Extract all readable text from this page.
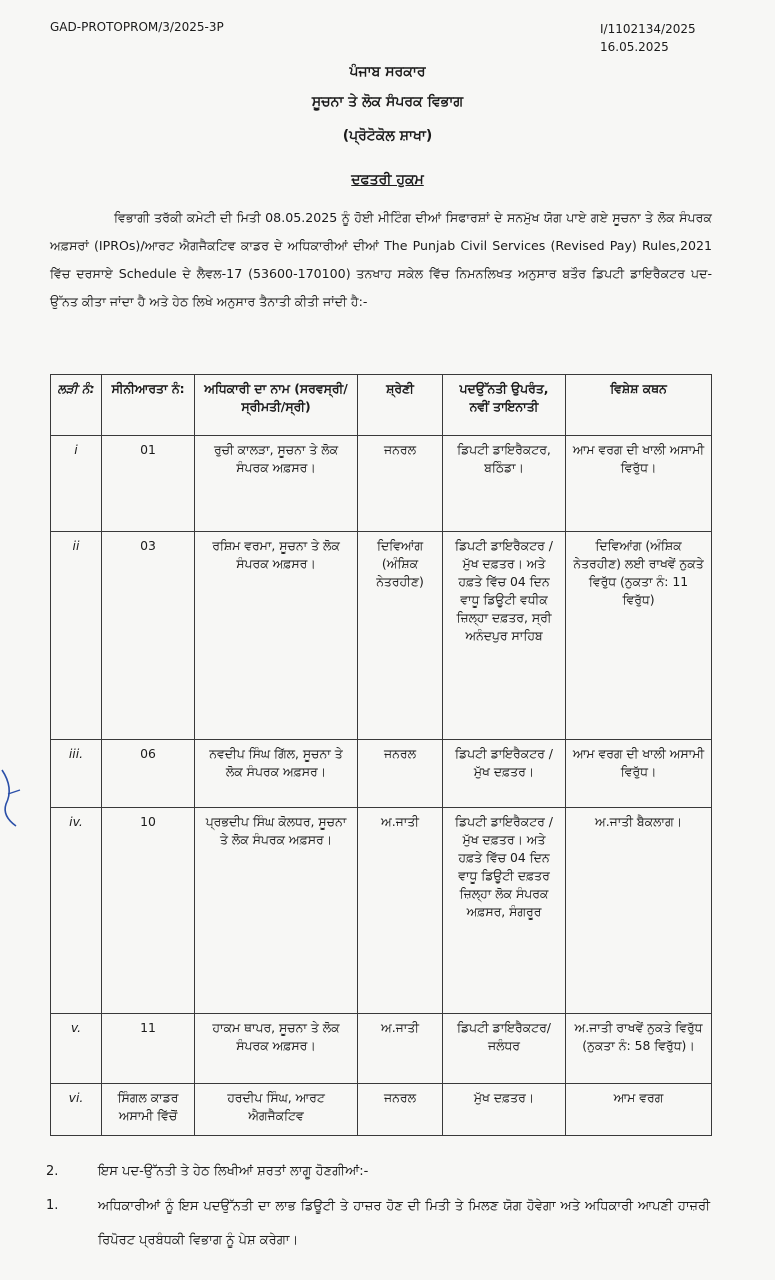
GAD-PROTOPROM/3/2025-3P	I/1102134/2025
16.05.2025
ਪੰਜਾਬ ਸਰਕਾਰ
ਸੂਚਨਾ ਤੇ ਲੋਕ ਸੰਪਰਕ ਵਿਭਾਗ
(ਪ੍ਰੋਟੋਕੋਲ ਸ਼ਾਖਾ)
ਦਫਤਰੀ ਹੁਕਮ
ਵਿਭਾਗੀ ਤਰੱਕੀ ਕਮੇਟੀ ਦੀ ਮਿਤੀ 08.05.2025 ਨੂੰ ਹੋਈ ਮੀਟਿੰਗ ਦੀਆਂ ਸਿਫਾਰਸ਼ਾਂ ਦੇ ਸਨਮੁੱਖ ਯੋਗ ਪਾਏ ਗਏ ਸੂਚਨਾ ਤੇ ਲੋਕ ਸੰਪਰਕ ਅਫ਼ਸਰਾਂ (IPROs)/ਆਰਟ ਐਗਜੈਕਟਿਵ ਕਾਡਰ ਦੇ ਅਧਿਕਾਰੀਆਂ ਦੀਆਂ The Punjab Civil Services (Revised Pay) Rules,2021 ਵਿੱਚ ਦਰਸਾਏ Schedule ਦੇ ਲੈਵਲ-17 (53600-170100) ਤਨਖਾਹ ਸਕੇਲ ਵਿੱਚ ਨਿਮਨਲਿਖਤ ਅਨੁਸਾਰ ਬਤੌਰ ਡਿਪਟੀ ਡਾਇਰੈਕਟਰ ਪਦ-ਉੱਨਤ ਕੀਤਾ ਜਾਂਦਾ ਹੈ ਅਤੇ ਹੇਠ ਲਿਖੇ ਅਨੁਸਾਰ ਤੈਨਾਤੀ ਕੀਤੀ ਜਾਂਦੀ ਹੈ:-
ਲੜੀ ਨੰ:	ਸੀਨੀਆਰਤਾ ਨੰ:	ਅਧਿਕਾਰੀ ਦਾ ਨਾਮ (ਸਰਵਸ੍ਰੀ/ਸ੍ਰੀਮਤੀ/ਸ੍ਰੀ)	ਸ਼੍ਰੇਣੀ	ਪਦਉੱਨਤੀ ਉਪਰੰਤ, ਨਵੀਂ ਤਾਇਨਾਤੀ	ਵਿਸ਼ੇਸ਼ ਕਥਨ
i	01	ਰੁਚੀ ਕਾਲੜਾ, ਸੂਚਨਾ ਤੇ ਲੋਕ ਸੰਪਰਕ ਅਫ਼ਸਰ।	ਜਨਰਲ	ਡਿਪਟੀ ਡਾਇਰੈਕਟਰ, ਬਠਿੰਡਾ।	ਆਮ ਵਰਗ ਦੀ ਖਾਲੀ ਅਸਾਮੀ ਵਿਰੁੱਧ।
ii	03	ਰਸ਼ਿਮ ਵਰਮਾ, ਸੂਚਨਾ ਤੇ ਲੋਕ ਸੰਪਰਕ ਅਫ਼ਸਰ।	ਦਿਵਿਆਂਗ (ਅੰਸ਼ਿਕ ਨੇਤਰਹੀਣ)	ਡਿਪਟੀ ਡਾਇਰੈਕਟਰ / ਮੁੱਖ ਦਫ਼ਤਰ। ਅਤੇ ਹਫ਼ਤੇ ਵਿੱਚ 04 ਦਿਨ ਵਾਧੂ ਡਿਊਟੀ ਵਧੀਕ ਜ਼ਿਲ੍ਹਾ ਦਫ਼ਤਰ, ਸ੍ਰੀ ਅਨੰਦਪੁਰ ਸਾਹਿਬ	ਦਿਵਿਆਂਗ (ਅੰਸ਼ਿਕ ਨੇਤਰਹੀਣ) ਲਈ ਰਾਖਵੇਂ ਨੁਕਤੇ ਵਿਰੁੱਧ (ਨੁਕਤਾ ਨੰ: 11 ਵਿਰੁੱਧ)
iii.	06	ਨਵਦੀਪ ਸਿੰਘ ਗਿੱਲ, ਸੂਚਨਾ ਤੇ ਲੋਕ ਸੰਪਰਕ ਅਫ਼ਸਰ।	ਜਨਰਲ	ਡਿਪਟੀ ਡਾਇਰੈਕਟਰ / ਮੁੱਖ ਦਫ਼ਤਰ।	ਆਮ ਵਰਗ ਦੀ ਖਾਲੀ ਅਸਾਮੀ ਵਿਰੁੱਧ।
iv.	10	ਪ੍ਰਭਦੀਪ ਸਿੰਘ ਕੋਲਧਰ, ਸੂਚਨਾ ਤੇ ਲੋਕ ਸੰਪਰਕ ਅਫ਼ਸਰ।	ਅ.ਜਾਤੀ	ਡਿਪਟੀ ਡਾਇਰੈਕਟਰ / ਮੁੱਖ ਦਫ਼ਤਰ। ਅਤੇ ਹਫ਼ਤੇ ਵਿੱਚ 04 ਦਿਨ ਵਾਧੂ ਡਿਊਟੀ ਦਫ਼ਤਰ ਜ਼ਿਲ੍ਹਾ ਲੋਕ ਸੰਪਰਕ ਅਫ਼ਸਰ, ਸੰਗਰੂਰ	ਅ.ਜਾਤੀ ਬੈਕਲਾਗ।
v.	11	ਹਾਕਮ ਥਾਪਰ, ਸੂਚਨਾ ਤੇ ਲੋਕ ਸੰਪਰਕ ਅਫ਼ਸਰ।	ਅ.ਜਾਤੀ	ਡਿਪਟੀ ਡਾਇਰੈਕਟਰ/ ਜਲੰਧਰ	ਅ.ਜਾਤੀ ਰਾਖਵੇਂ ਨੁਕਤੇ ਵਿਰੁੱਧ (ਨੁਕਤਾ ਨੰ: 58 ਵਿਰੁੱਧ)।
vi.	ਸਿੰਗਲ ਕਾਡਰ ਅਸਾਮੀ ਵਿੱਚੋਂ	ਹਰਦੀਪ ਸਿੰਘ, ਆਰਟ ਐਗਜੈਕਟਿਵ	ਜਨਰਲ	ਮੁੱਖ ਦਫ਼ਤਰ।	ਆਮ ਵਰਗ
2.	ਇਸ ਪਦ-ਉੱਨਤੀ ਤੇ ਹੇਠ ਲਿਖੀਆਂ ਸ਼ਰਤਾਂ ਲਾਗੂ ਹੋਣਗੀਆਂ:-
1.	ਅਧਿਕਾਰੀਆਂ ਨੂੰ ਇਸ ਪਦਉੱਨਤੀ ਦਾ ਲਾਭ ਡਿਊਟੀ ਤੇ ਹਾਜ਼ਰ ਹੋਣ ਦੀ ਮਿਤੀ ਤੇ ਮਿਲਣ ਯੋਗ ਹੋਵੇਗਾ ਅਤੇ ਅਧਿਕਾਰੀ ਆਪਣੀ ਹਾਜ਼ਰੀ ਰਿਪੋਰਟ ਪ੍ਰਬੰਧਕੀ ਵਿਭਾਗ ਨੂੰ ਪੇਸ਼ ਕਰੇਗਾ।
